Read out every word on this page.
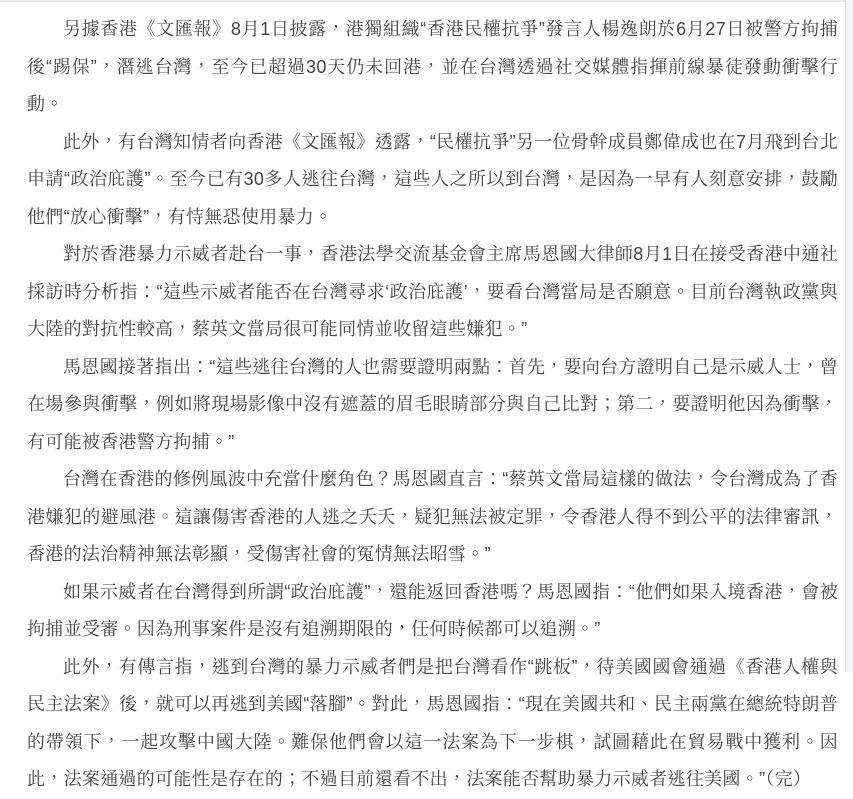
另據香港《文匯報》8月1日披露，港獨組織“香港民權抗爭”發言人楊逸朗於6月27日被警方拘捕後“踢保”，潛逃台灣，至今已超過30天仍未回港，並在台灣透過社交媒體指揮前線暴徒發動衝擊行動。

此外，有台灣知情者向香港《文匯報》透露，“民權抗爭”另一位骨幹成員鄭偉成也在7月飛到台北申請“政治庇護”。至今已有30多人逃往台灣，這些人之所以到台灣，是因為一早有人刻意安排，鼓勵他們“放心衝擊”，有恃無恐使用暴力。

對於香港暴力示威者赴台一事，香港法學交流基金會主席馬恩國大律師8月1日在接受香港中通社採訪時分析指：“這些示威者能否在台灣尋求‘政治庇護’，要看台灣當局是否願意。目前台灣執政黨與大陸的對抗性較高，蔡英文當局很可能同情並收留這些嫌犯。”

馬恩國接著指出：“這些逃往台灣的人也需要證明兩點：首先，要向台方證明自己是示威人士，曾在場參與衝擊，例如將現場影像中沒有遮蓋的眉毛眼睛部分與自己比對；第二，要證明他因為衝擊，有可能被香港警方拘捕。”

台灣在香港的修例風波中充當什麼角色？馬恩國直言：“蔡英文當局這樣的做法，令台灣成為了香港嫌犯的避風港。這讓傷害香港的人逃之夭夭，疑犯無法被定罪，令香港人得不到公平的法律審訊，香港的法治精神無法彰顯，受傷害社會的冤情無法昭雪。”

如果示威者在台灣得到所謂“政治庇護”，還能返回香港嗎？馬恩國指：“他們如果入境香港，會被拘捕並受審。因為刑事案件是沒有追溯期限的，任何時候都可以追溯。”

此外，有傳言指，逃到台灣的暴力示威者們是把台灣看作“跳板”，待美國國會通過《香港人權與民主法案》後，就可以再逃到美國“落腳”。對此，馬恩國指：“現在美國共和、民主兩黨在總統特朗普的帶領下，一起攻擊中國大陸。難保他們會以這一法案為下一步棋，試圖藉此在貿易戰中獲利。因此，法案通過的可能性是存在的；不過目前還看不出，法案能否幫助暴力示威者逃往美國。”（完）
